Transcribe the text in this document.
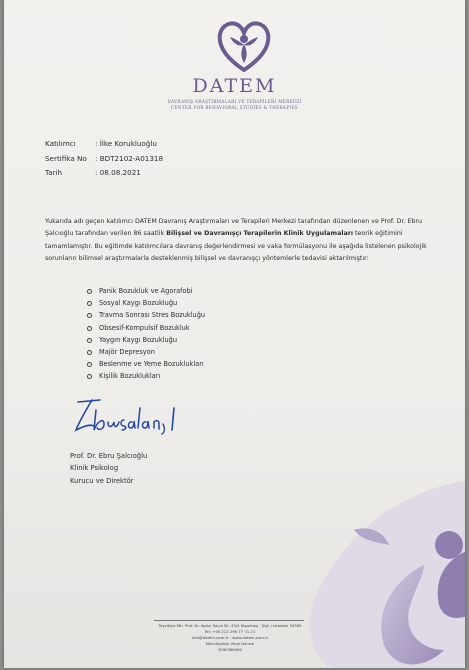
DATEM
DAVRANIŞ ARAŞTIRMALARI VE TERAPİLERİ MERKEZİ
CENTER FOR BEHAVIORAL STUDIES & THERAPIES
Katılımcı	: İlke Korukluoğlu
Sertifika No : BDT2102-A01318
Tarih	: 08.08.2021
Yukarıda adı geçen katılımcı DATEM Davranış Araştırmaları ve Terapileri Merkezi tarafından düzenlenen ve Prof. Dr. Ebru Şalcıoğlu tarafından verilen 86 saatlik Bilişsel ve Davranışçı Terapilerin Klinik Uygulamaları teorik eğitimini tamamlamıştır. Bu eğitimde katılımcılara davranış değerlendirmesi ve vaka formülasyonu ile aşağıda listelenen psikolojik sorunların bilimsel araştırmalarla desteklenmiş bilişsel ve davranışçı yöntemlerle tedavisi aktarılmıştır:
Panik Bozukluk ve Agorafobi
Sosyal Kaygı Bozukluğu
Travma Sonrası Stres Bozukluğu
Obsesif-Kompulsif Bozukluk
Yaygın Kaygı Bozukluğu
Majör Depresyon
Beslenme ve Yeme Bozuklukları
Kişilik Bozuklukları
Prof. Dr. Ebru Şalcıoğlu
Klinik Psikolog
Kurucu ve Direktör
Teşvikiye Mh. Prof. Dr. Aydın Sayılı Sk. 43/4 Nişantaşı · Şişli / İstanbul 34365
Tel: +90 212 296 77 71-72
info@datem.com.tr · www.datem.com.tr
Mecidiyeköy Vergi Dairesi
3090366464
